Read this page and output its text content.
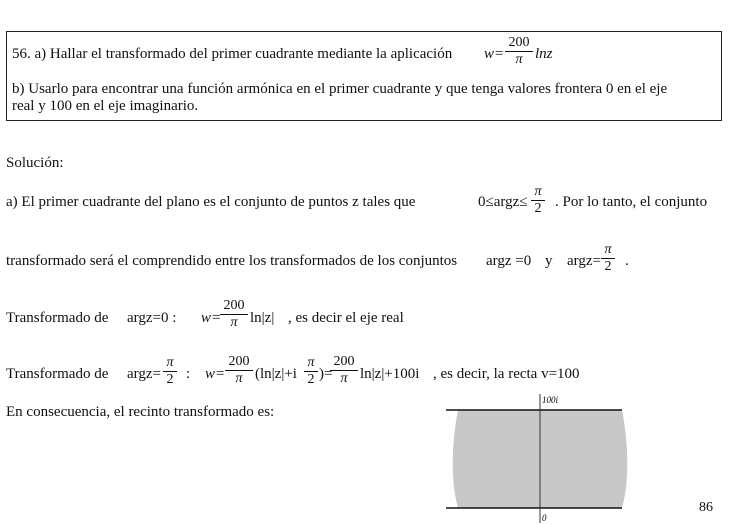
56. a) Hallar el transformado del primer cuadrante mediante la aplicación w=
200
π lnz
b) Usarlo para encontrar una función armónica en el primer cuadrante y que tenga valores frontera 0 en el eje
real y 100 en el eje imaginario.
Solución:
a) El primer cuadrante del plano es el conjunto de puntos z tales que	0≤argz≤
π
2 . Por lo tanto, el conjunto
transformado será el comprendido entre los transformados de los conjuntos argz =0 y argz=
π
2 .
Transformado de argz=0 : w=
200
π ln|z| , es decir el eje real
Transformado de argz=
π
2 : w=
200
π (ln|z|+i
π
2 )=
200
π ln|z|+100i , es decir, la recta v=100
En consecuencia, el recinto transformado es:
100i
0
86
